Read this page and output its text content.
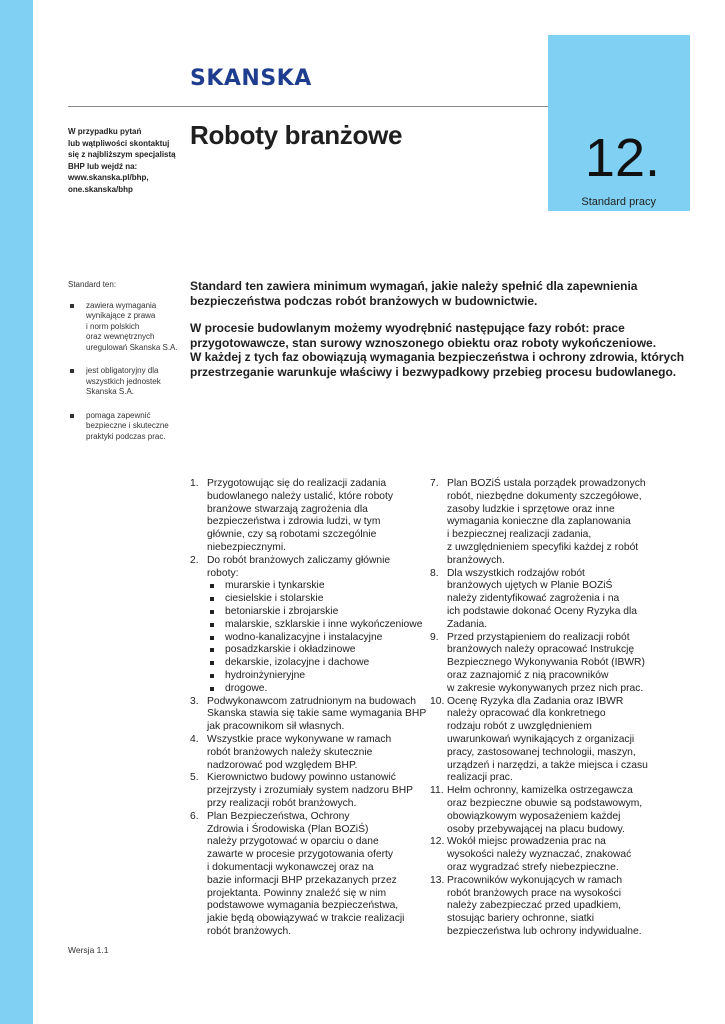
SKANSKA
12.
Standard pracy
W przypadku pytań
lub wątpliwości skontaktuj
się z najbliższym specjalistą
BHP lub wejdź na:
www.skanska.pl/bhp,
one.skanska/bhp
Roboty branżowe
Standard ten:
zawiera wymagania
wynikające z prawa
i norm polskich
oraz wewnętrznych
uregulowań Skanska S.A.
jest obligatoryjny dla
wszystkich jednostek
Skanska S.A.
pomaga zapewnić
bezpieczne i skuteczne
praktyki podczas prac.

Standard ten zawiera minimum wymagań, jakie należy spełnić dla zapewnienia
bezpieczeństwa podczas robót branżowych w budownictwie.

W procesie budowlanym możemy wyodrębnić następujące fazy robót: prace
przygotowawcze, stan surowy wznoszonego obiektu oraz roboty wykończeniowe.
W każdej z tych faz obowiązują wymagania bezpieczeństwa i ochrony zdrowia, których
przestrzeganie warunkuje właściwy i bezwypadkowy przebieg procesu budowlanego.

1. Przygotowując się do realizacji zadania
budowlanego należy ustalić, które roboty
branżowe stwarzają zagrożenia dla
bezpieczeństwa i zdrowia ludzi, w tym
głównie, czy są robotami szczególnie
niebezpiecznymi.
2. Do robót branżowych zaliczamy głównie
roboty:
murarskie i tynkarskie
ciesielskie i stolarskie
betoniarskie i zbrojarskie
malarskie, szklarskie i inne wykończeniowe
wodno-kanalizacyjne i instalacyjne
posadzkarskie i okładzinowe
dekarskie, izolacyjne i dachowe
hydroinżynieryjne
drogowe.
3. Podwykonawcom zatrudnionym na budowach
Skanska stawia się takie same wymagania BHP
jak pracownikom sił własnych.
4. Wszystkie prace wykonywane w ramach
robót branżowych należy skutecznie
nadzorować pod względem BHP.
5. Kierownictwo budowy powinno ustanowić
przejrzysty i zrozumiały system nadzoru BHP
przy realizacji robót branżowych.
6. Plan Bezpieczeństwa, Ochrony
Zdrowia i Środowiska (Plan BOZiŚ)
należy przygotować w oparciu o dane
zawarte w procesie przygotowania oferty
i dokumentacji wykonawczej oraz na
bazie informacji BHP przekazanych przez
projektanta. Powinny znaleźć się w nim
podstawowe wymagania bezpieczeństwa,
jakie będą obowiązywać w trakcie realizacji
robót branżowych.
7. Plan BOZiŚ ustala porządek prowadzonych
robót, niezbędne dokumenty szczegółowe,
zasoby ludzkie i sprzętowe oraz inne
wymagania konieczne dla zaplanowania
i bezpiecznej realizacji zadania,
z uwzględnieniem specyfiki każdej z robót
branżowych.
8. Dla wszystkich rodzajów robót
branżowych ujętych w Planie BOZiŚ
należy zidentyfikować zagrożenia i na
ich podstawie dokonać Oceny Ryzyka dla
Zadania.
9. Przed przystąpieniem do realizacji robót
branżowych należy opracować Instrukcję
Bezpiecznego Wykonywania Robót (IBWR)
oraz zaznajomić z nią pracowników
w zakresie wykonywanych przez nich prac.
10. Ocenę Ryzyka dla Zadania oraz IBWR
należy opracować dla konkretnego
rodzaju robót z uwzględnieniem
uwarunkowań wynikających z organizacji
pracy, zastosowanej technologii, maszyn,
urządzeń i narzędzi, a także miejsca i czasu
realizacji prac.
11. Hełm ochronny, kamizelka ostrzegawcza
oraz bezpieczne obuwie są podstawowym,
obowiązkowym wyposażeniem każdej
osoby przebywającej na placu budowy.
12. Wokół miejsc prowadzenia prac na
wysokości należy wyznaczać, znakować
oraz wygradzać strefy niebezpieczne.
13. Pracowników wykonujących w ramach
robót branżowych prace na wysokości
należy zabezpieczać przed upadkiem,
stosując bariery ochronne, siatki
bezpieczeństwa lub ochrony indywidualne.
Wersja 1.1
